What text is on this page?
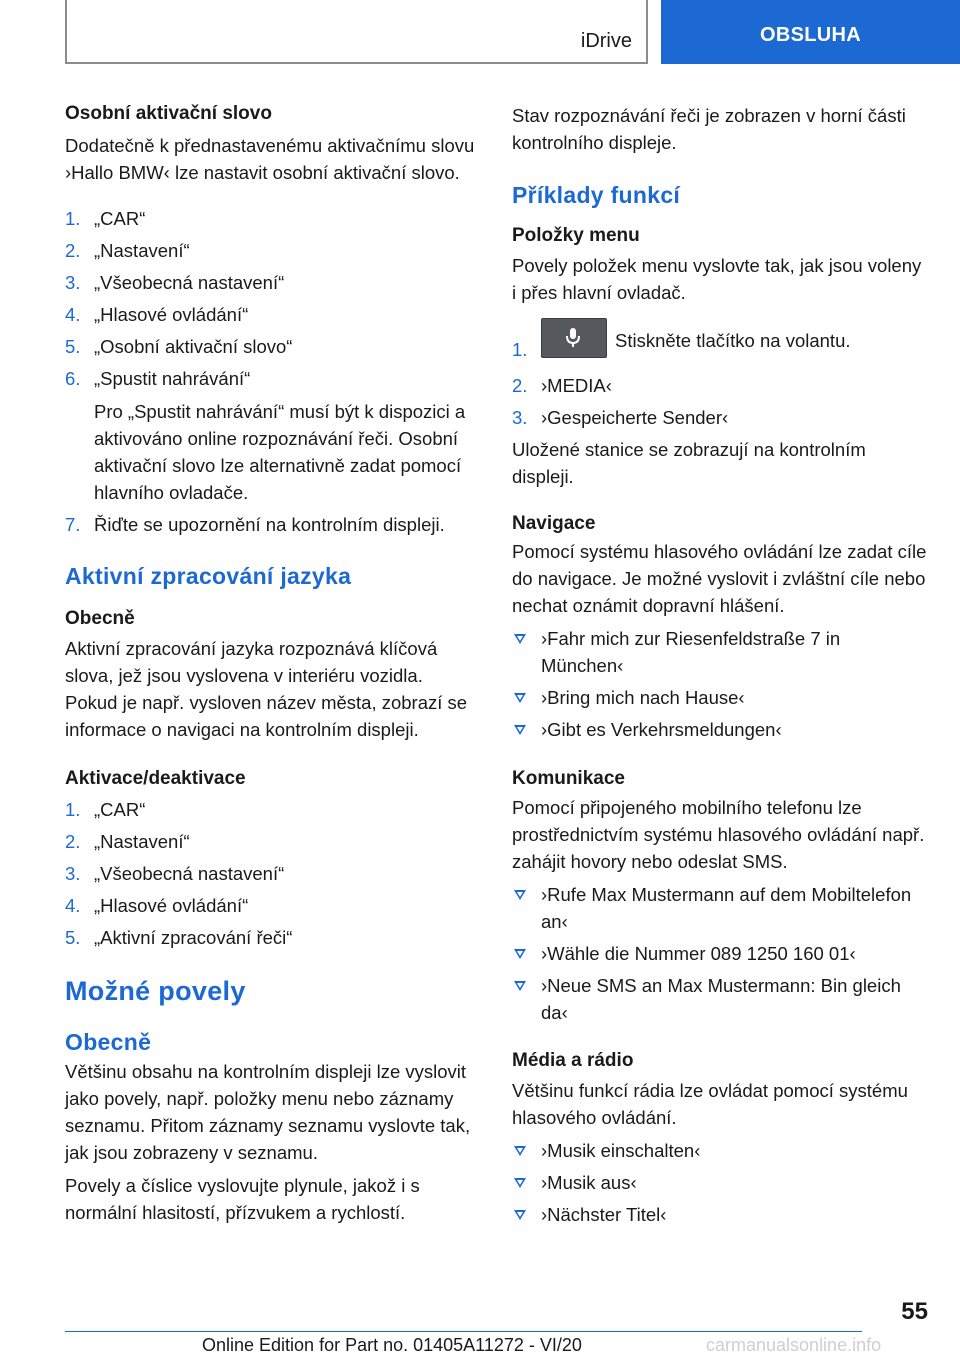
iDrive	OBSLUHA
Osobní aktivační slovo

Dodatečně k přednastavenému aktivačnímu slovu ›Hallo BMW‹ lze nastavit osobní aktivační slovo.

1. „CAR“
2. „Nastavení“
3. „Všeobecná nastavení“
4. „Hlasové ovládání“
5. „Osobní aktivační slovo“
6. „Spustit nahrávání“
Pro „Spustit nahrávání“ musí být k dispozici a aktivováno online rozpoznávání řeči. Osobní aktivační slovo lze alternativně zadat pomocí hlavního ovladače.
7. Řiďte se upozornění na kontrolním displeji.
Aktivní zpracování jazyka
Obecně

Aktivní zpracování jazyka rozpoznává klíčová slova, jež jsou vyslovena v interiéru vozidla. Pokud je např. vysloven název města, zobrazí se informace o navigaci na kontrolním displeji.

Aktivace/deaktivace
1. „CAR“
2. „Nastavení“
3. „Všeobecná nastavení“
4. „Hlasové ovládání“
5. „Aktivní zpracování řeči“
Možné povely
Obecně

Většinu obsahu na kontrolním displeji lze vyslovit jako povely, např. položky menu nebo záznamy seznamu. Přitom záznamy seznamu vyslovte tak, jak jsou zobrazeny v seznamu.

Povely a číslice vyslovujte plynule, jakož i s normální hlasitostí, přízvukem a rychlostí.

Stav rozpoznávání řeči je zobrazen v horní části kontrolního displeje.

Příklady funkcí
Položky menu

Povely položek menu vyslovte tak, jak jsou voleny i přes hlavní ovladač.

1.	Stiskněte tlačítko na volantu.
2. ›MEDIA‹
3. ›Gespeicherte Sender‹

Uložené stanice se zobrazují na kontrolním displeji.

Navigace

Pomocí systému hlasového ovládání lze zadat cíle do navigace. Je možné vyslovit i zvláštní cíle nebo nechat oznámit dopravní hlášení.

›Fahr mich zur Riesenfeldstraße 7 in München‹
›Bring mich nach Hause‹
›Gibt es Verkehrsmeldungen‹
Komunikace

Pomocí připojeného mobilního telefonu lze prostřednictvím systému hlasového ovládání např. zahájit hovory nebo odeslat SMS.

›Rufe Max Mustermann auf dem Mobiltelefon an‹
›Wähle die Nummer 089 1250 160 01‹
›Neue SMS an Max Mustermann: Bin gleich da‹
Média a rádio

Většinu funkcí rádia lze ovládat pomocí systému hlasového ovládání.

›Musik einschalten‹
›Musik aus‹
›Nächster Titel‹
55
Online Edition for Part no. 01405A11272 - VI/20	carmanualsonline.info
